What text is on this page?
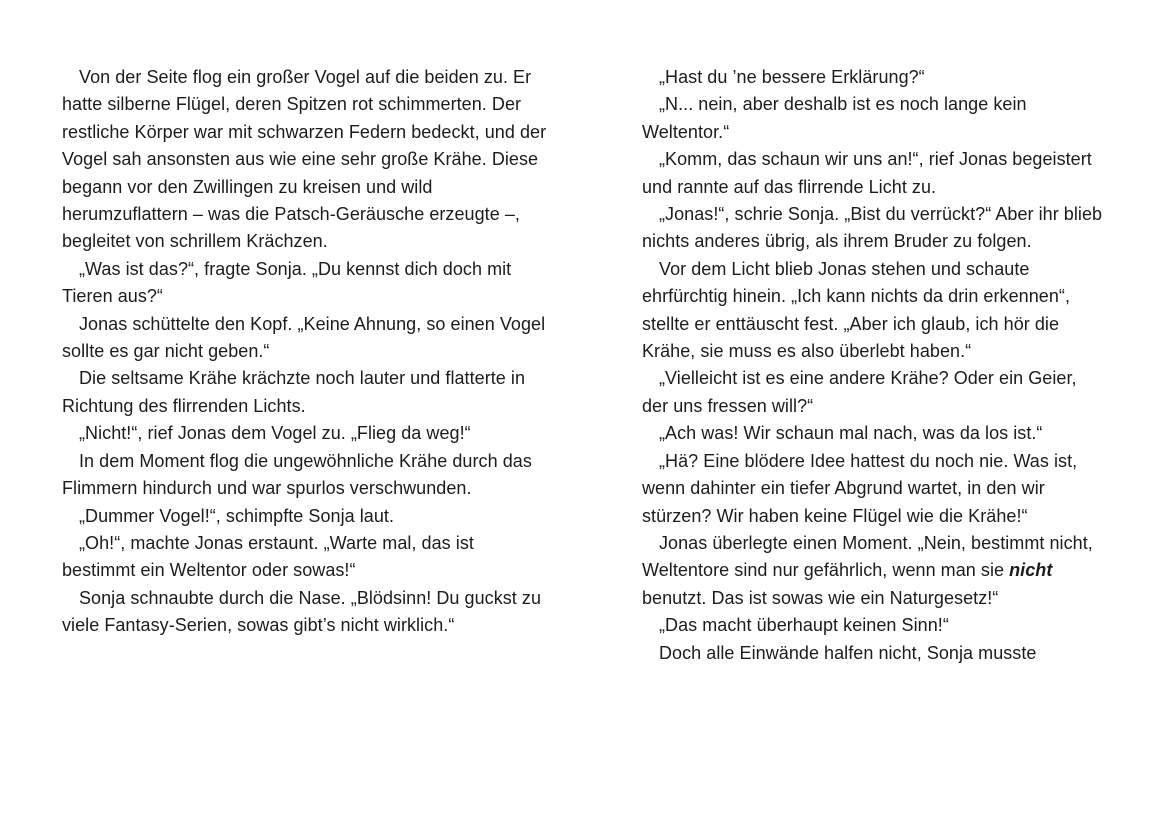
Von der Seite flog ein großer Vogel auf die beiden zu. Er hatte silberne Flügel, deren Spitzen rot schimmerten. Der restliche Körper war mit schwarzen Federn bedeckt, und der Vogel sah ansonsten aus wie eine sehr große Krähe. Diese begann vor den Zwillingen zu kreisen und wild herumzuflattern – was die Patsch-Geräusche erzeugte –, begleitet von schrillem Krächzen.

„Was ist das?“, fragte Sonja. „Du kennst dich doch mit Tieren aus?“

Jonas schüttelte den Kopf. „Keine Ahnung, so einen Vogel sollte es gar nicht geben.“

Die seltsame Krähe krächzte noch lauter und flatterte in Richtung des flirrenden Lichts.

„Nicht!“, rief Jonas dem Vogel zu. „Flieg da weg!“

In dem Moment flog die ungewöhnliche Krähe durch das Flimmern hindurch und war spurlos verschwunden.

„Dummer Vogel!“, schimpfte Sonja laut.

„Oh!“, machte Jonas erstaunt. „Warte mal, das ist bestimmt ein Weltentor oder sowas!“

Sonja schnaubte durch die Nase. „Blödsinn! Du guckst zu viele Fantasy-Serien, sowas gibt’s nicht wirklich.“

„Hast du ’ne bessere Erklärung?“

„N... nein, aber deshalb ist es noch lange kein Weltentor.“

„Komm, das schaun wir uns an!“, rief Jonas begeistert und rannte auf das flirrende Licht zu.

„Jonas!“, schrie Sonja. „Bist du verrückt?“ Aber ihr blieb nichts anderes übrig, als ihrem Bruder zu folgen.

Vor dem Licht blieb Jonas stehen und schaute ehrfürchtig hinein. „Ich kann nichts da drin erkennen“, stellte er enttäuscht fest. „Aber ich glaub, ich hör die Krähe, sie muss es also überlebt haben.“

„Vielleicht ist es eine andere Krähe? Oder ein Geier, der uns fressen will?“

„Ach was! Wir schaun mal nach, was da los ist.“

„Hä? Eine blödere Idee hattest du noch nie. Was ist, wenn dahinter ein tiefer Abgrund wartet, in den wir stürzen? Wir haben keine Flügel wie die Krähe!“

Jonas überlegte einen Moment. „Nein, bestimmt nicht, Weltentore sind nur gefährlich, wenn man sie nicht benutzt. Das ist sowas wie ein Naturgesetz!“

„Das macht überhaupt keinen Sinn!“

Doch alle Einwände halfen nicht, Sonja musste
